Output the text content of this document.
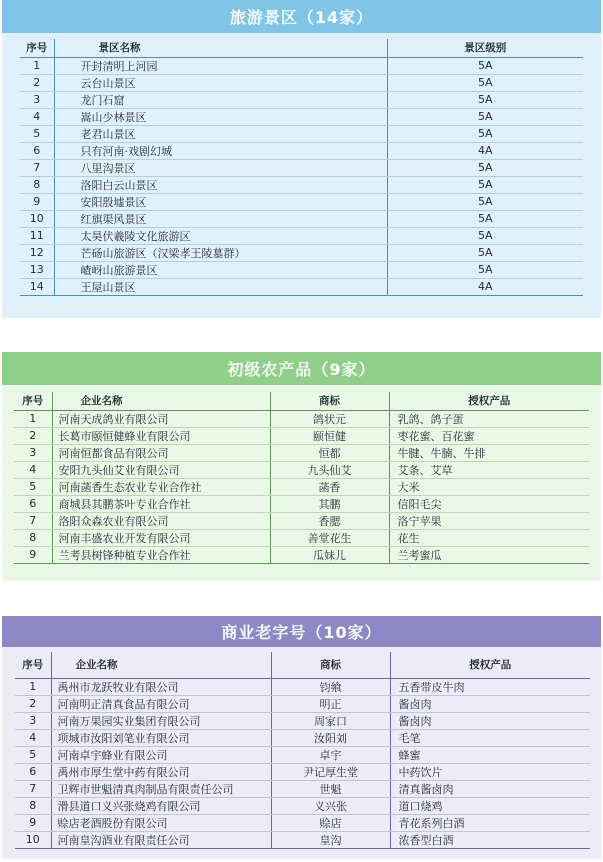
旅游景区（14家）
序号	景区名称	景区级别
1	开封清明上河园	5A
2	云台山景区	5A
3	龙门石窟	5A
4	嵩山少林景区	5A
5	老君山景区	5A
6	只有河南·戏剧幻城	4A
7	八里沟景区	5A
8	洛阳白云山景区	5A
9	安阳殷墟景区	5A
10	红旗渠风景区	5A
11	太昊伏羲陵文化旅游区	5A
12	芒砀山旅游区（汉梁孝王陵墓群）	5A
13	嵖岈山旅游景区	5A
14	王屋山景区	4A
初级农产品（9家）
序号	企业名称	商标	授权产品
1	河南天成鸽业有限公司	鸽状元	乳鸽、鸽子蛋
2	长葛市颐恒健蜂业有限公司	颐恒健	枣花蜜、百花蜜
3	河南恒都食品有限公司	恒都	牛腱、牛腩、牛排
4	安阳九头仙艾业有限公司	九头仙艾	艾条、艾草
5	河南菡香生态农业专业合作社	菡香	大米
6	商城县其鹏茶叶专业合作社	其鹏	信阳毛尖
7	洛阳众森农业有限公司	香腮	洛宁苹果
8	河南丰盛农业开发有限公司	善堂花生	花生
9	兰考县树锋种植专业合作社	瓜妹儿	兰考蜜瓜
商业老字号（10家）
序号	企业名称	商标	授权产品
1	禹州市龙跃牧业有限公司	钧飨	五香带皮牛肉
2	河南明正清真食品有限公司	明正	酱卤肉
3	河南万果园实业集团有限公司	周家口	酱卤肉
4	项城市汝阳刘笔业有限公司	汝阳刘	毛笔
5	河南卓宇蜂业有限公司	卓宇	蜂蜜
6	禹州市厚生堂中药有限公司	尹记厚生堂	中药饮片
7	卫辉市世魁清真肉制品有限责任公司	世魁	清真酱卤肉
8	滑县道口义兴张烧鸡有限公司	义兴张	道口烧鸡
9	赊店老酒股份有限公司	赊店	青花系列白酒
10	河南皇沟酒业有限责任公司	皇沟	浓香型白酒
